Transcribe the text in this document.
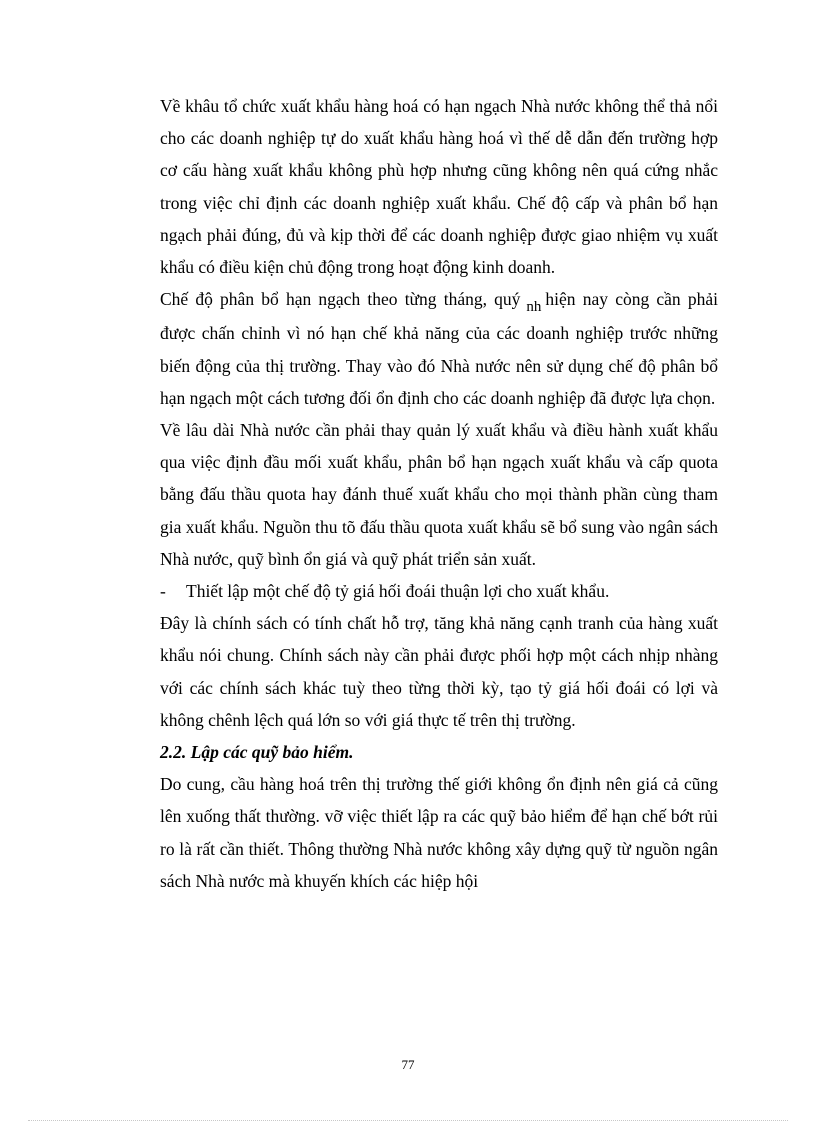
Về khâu tổ chức xuất khẩu hàng hoá có hạn ngạch Nhà nước không thể thả nổi cho các doanh nghiệp tự do xuất khẩu hàng hoá vì thế dễ dẫn đến trường hợp cơ cấu hàng xuất khẩu không phù hợp nhưng cũng không nên quá cứng nhắc trong việc chỉ định các doanh nghiệp xuất khẩu. Chế độ cấp và phân bổ hạn ngạch phải đúng, đủ và kịp thời để các doanh nghiệp được giao nhiệm vụ xuất khẩu có điều kiện chủ động trong hoạt động kinh doanh.

Chế độ phân bổ hạn ngạch theo từng tháng, quý nh hiện nay còng cần phải được chấn chỉnh vì nó hạn chế khả năng của các doanh nghiệp trước những biến động của thị trường. Thay vào đó Nhà nước nên sử dụng chế độ phân bổ hạn ngạch một cách tương đối ổn định cho các doanh nghiệp đã được lựa chọn.

Về lâu dài Nhà nước cần phải thay quản lý xuất khẩu và điều hành xuất khẩu qua việc định đầu mối xuất khẩu, phân bổ hạn ngạch xuất khẩu và cấp quota bằng đấu thầu quota hay đánh thuế xuất khẩu cho mọi thành phần cùng tham gia xuất khẩu. Nguồn thu tõ đấu thầu quota xuất khẩu sẽ bổ sung vào ngân sách Nhà nước, quỹ bình ổn giá và quỹ phát triển sản xuất.

-	Thiết lập một chế độ tỷ giá hối đoái thuận lợi cho xuất khẩu.

Đây là chính sách có tính chất hỗ trợ, tăng khả năng cạnh tranh của hàng xuất khẩu nói chung. Chính sách này cần phải được phối hợp một cách nhịp nhàng với các chính sách khác tuỳ theo từng thời kỳ, tạo tỷ giá hối đoái có lợi và không chênh lệch quá lớn so với giá thực tế trên thị trường.

2.2. Lập các quỹ bảo hiểm.

Do cung, cầu hàng hoá trên thị trường thế giới không ổn định nên giá cả cũng lên xuống thất thường. vỡ việc thiết lập ra các quỹ bảo hiểm để hạn chế bớt rủi ro là rất cần thiết. Thông thường Nhà nước không xây dựng quỹ từ nguồn ngân sách Nhà nước mà khuyến khích các hiệp hội

77
